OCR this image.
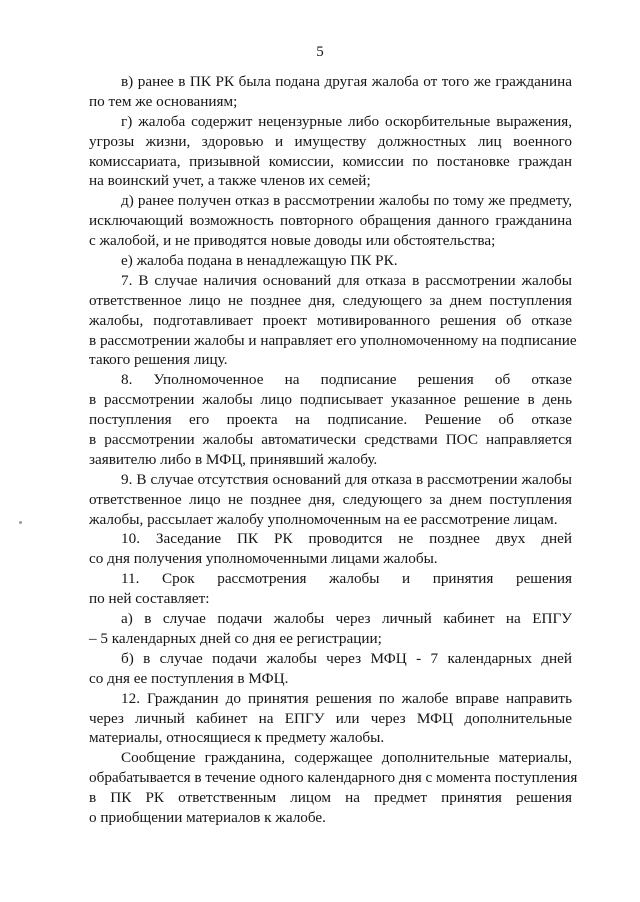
5
в) ранее в ПК РК была подана другая жалоба от того же гражданина
по тем же основаниям;
г) жалоба содержит нецензурные либо оскорбительные выражения,
угрозы жизни, здоровью и имуществу должностных лиц военного
комиссариата, призывной комиссии, комиссии по постановке граждан
на воинский учет, а также членов их семей;
д) ранее получен отказ в рассмотрении жалобы по тому же предмету,
исключающий возможность повторного обращения данного гражданина
с жалобой, и не приводятся новые доводы или обстоятельства;
е) жалоба подана в ненадлежащую ПК РК.
7. В случае наличия оснований для отказа в рассмотрении жалобы
ответственное лицо не позднее дня, следующего за днем поступления
жалобы, подготавливает проект мотивированного решения об отказе
в рассмотрении жалобы и направляет его уполномоченному на подписание
такого решения лицу.
8. Уполномоченное на подписание решения об отказе
в рассмотрении жалобы лицо подписывает указанное решение в день
поступления его проекта на подписание. Решение об отказе
в рассмотрении жалобы автоматически средствами ПОС направляется
заявителю либо в МФЦ, принявший жалобу.
9. В случае отсутствия оснований для отказа в рассмотрении жалобы
ответственное лицо не позднее дня, следующего за днем поступления
жалобы, рассылает жалобу уполномоченным на ее рассмотрение лицам.
10. Заседание ПК РК проводится не позднее двух дней
со дня получения уполномоченными лицами жалобы.
11. Срок рассмотрения жалобы и принятия решения
по ней составляет:
а) в случае подачи жалобы через личный кабинет на ЕПГУ
– 5 календарных дней со дня ее регистрации;
б) в случае подачи жалобы через МФЦ - 7 календарных дней
со дня ее поступления в МФЦ.
12. Гражданин до принятия решения по жалобе вправе направить
через личный кабинет на ЕПГУ или через МФЦ дополнительные
материалы, относящиеся к предмету жалобы.
Сообщение гражданина, содержащее дополнительные материалы,
обрабатывается в течение одного календарного дня с момента поступления
в ПК РК ответственным лицом на предмет принятия решения
о приобщении материалов к жалобе.
